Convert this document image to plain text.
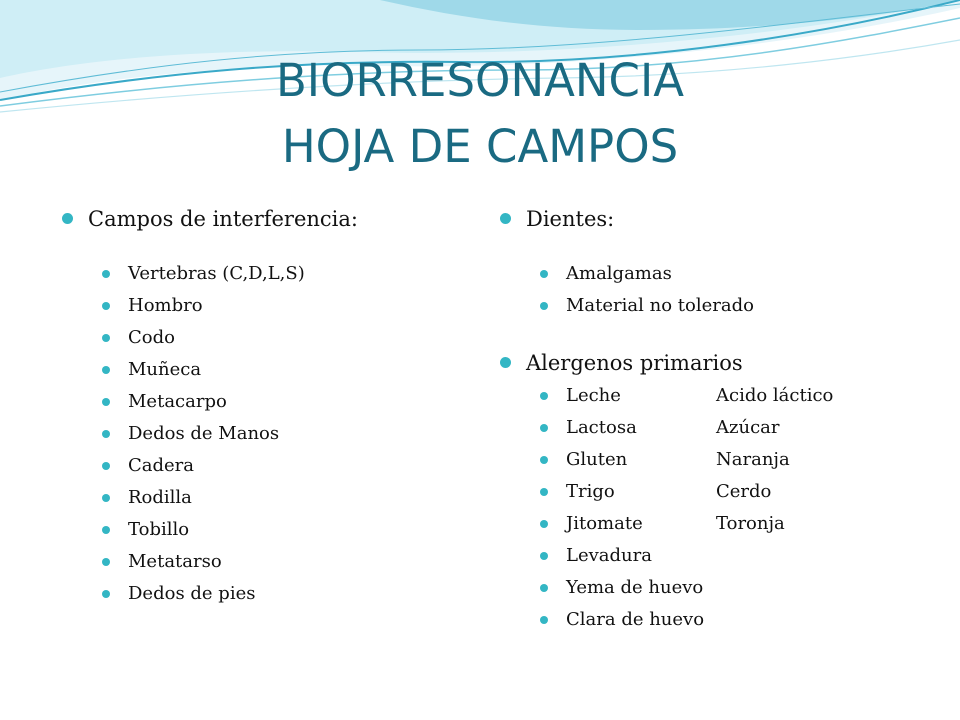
BIORRESONANCIA
HOJA DE CAMPOS
Campos de interferencia:
Vertebras (C,D,L,S)
Hombro
Codo
Muñeca
Metacarpo
Dedos de Manos
Cadera
Rodilla
Tobillo
Metatarso
Dedos de pies
Dientes:
Amalgamas
Material no tolerado
Alergenos primarios
Leche	Acido láctico
Lactosa	Azúcar
Gluten	Naranja
Trigo	Cerdo
Jitomate	Toronja
Levadura
Yema de huevo
Clara de huevo
